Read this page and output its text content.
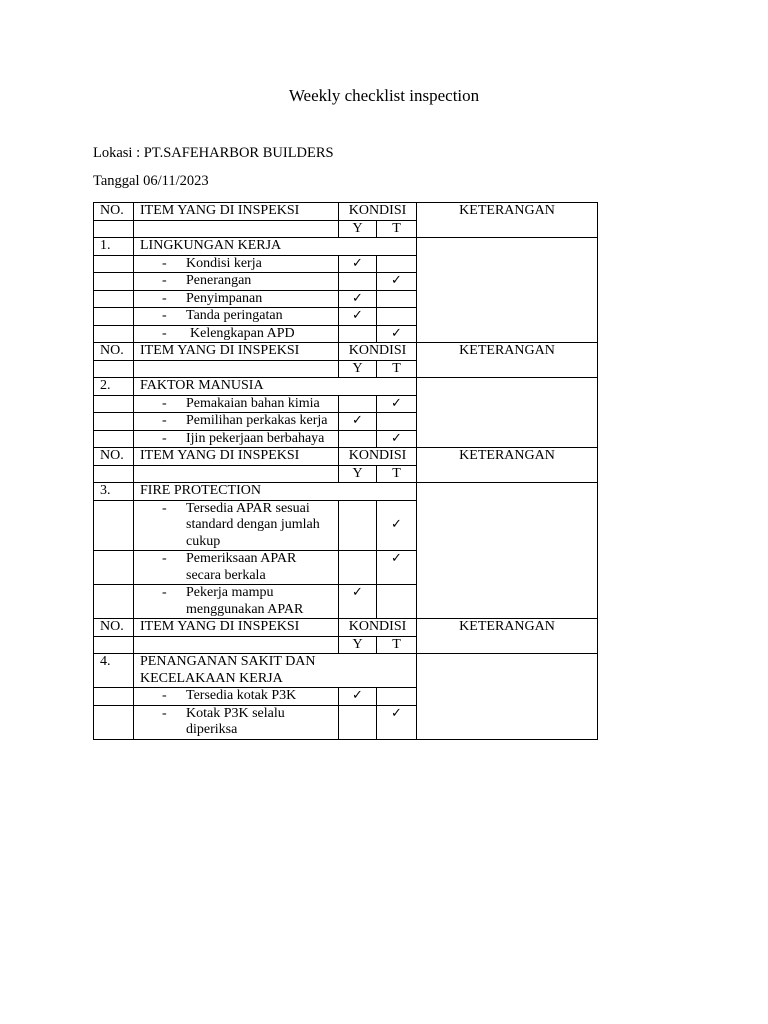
Weekly checklist inspection
Lokasi : PT.SAFEHARBOR BUILDERS
Tanggal 06/11/2023
NO.	ITEM YANG DI INSPEKSI	KONDISI		KETERANGAN
		Y	T	
1.	LINGKUNGAN KERJA			

	- Kondisi kerja	✓		

	- Penerangan		✓	

	- Penyimpanan	✓		

	- Tanda peringatan	✓		

	- Kelengkapan APD		✓	
NO.	ITEM YANG DI INSPEKSI	KONDISI		KETERANGAN
		Y	T	
2.	FAKTOR MANUSIA			

	- Pemakaian bahan kimia		✓	

	- Pemilihan perkakas kerja	✓		

	- Ijin pekerjaan berbahaya		✓	
NO.	ITEM YANG DI INSPEKSI	KONDISI		KETERANGAN
		Y	T	
3.	FIRE PROTECTION			

	- Tersedia APAR sesuai standard dengan jumlah cukup		✓	

	- Pemeriksaan APAR secara berkala		✓	

	- Pekerja mampu menggunakan APAR	✓		
NO.	ITEM YANG DI INSPEKSI	KONDISI		KETERANGAN
		Y	T	
4.	PENANGANAN SAKIT DAN KECELAKAAN KERJA			

	- Tersedia kotak P3K	✓		

	- Kotak P3K selalu diperiksa		✓	
